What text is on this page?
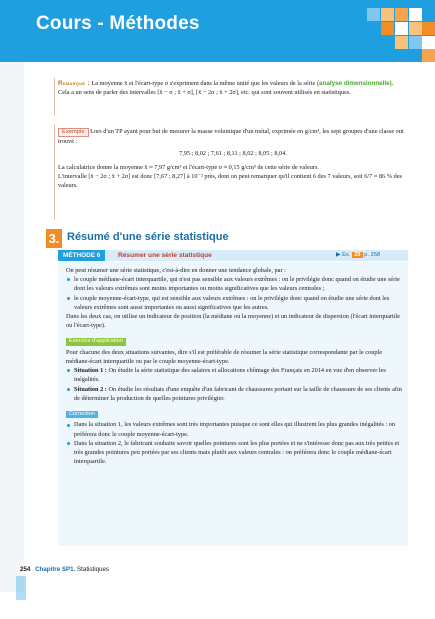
Cours - Méthodes
Remarque : La moyenne x̄ et l'écart-type σ s'expriment dans la même unité que les valeurs de la série (analyse dimensionnelle).
Cela a un sens de parler des intervalles [x̄ − σ ; x̄ + σ], [x̄ − 2σ ; x̄ + 2σ], etc. qui sont souvent utilisés en statistiques.
Exemple Lors d'un TP ayant pour but de mesurer la masse volumique d'un métal, exprimée en g/cm³, les sept groupes d'une classe ont trouvé :
7,95 ; 8,02 ; 7,61 ; 8,11 ; 8,02 ; 8,05 ; 8,04.
La calculatrice donne la moyenne x̄ ≈ 7,97 g/cm³ et l'écart-type σ ≈ 0,15 g/cm³ de cette série de valeurs.
L'intervalle [x̄ − 2σ ; x̄ + 2σ] est donc [7,67 ; 8,27] à 10⁻² près, dont on peut remarquer qu'il contient 6 des 7 valeurs, soit 6/7 ≈ 86 % des valeurs.
3. Résumé d'une série statistique
MÉTHODE 6	Résumer une série statistique	▶ Ex. 29 p. 258
On peut résumer une série statistique, c'est-à-dire en donner une tendance globale, par :
le couple médiane-écart interquartile, qui n'est pas sensible aux valeurs extrêmes : on le privilégie donc quand on étudie une série dont les valeurs extrêmes sont moins importantes ou moins significatives que les valeurs centrales ;
le couple moyenne-écart-type, qui est sensible aux valeurs extrêmes : on le privilégie donc quand on étudie une série dont les valeurs extrêmes sont aussi importantes ou aussi significatives que les autres.
Dans les deux cas, on utilise un indicateur de position (la médiane ou la moyenne) et un indicateur de dispersion (l'écart interquartile ou l'écart-type).
Exercice d'application
Pour chacune des deux situations suivantes, dire s'il est préférable de résumer la série statistique correspondante par le couple médiane-écart interquartile ou par le couple moyenne-écart-type.
Situation 1 : On étudie la série statistique des salaires et allocations chômage des Français en 2014 en vue d'en observer les inégalités.
Situation 2 : On étudie les résultats d'une enquête d'un fabricant de chaussures portant sur la taille de chaussure de ses clients afin de déterminer la production de quelles pointures privilégier.
Correction
Dans la situation 1, les valeurs extrêmes sont très importantes puisque ce sont elles qui illustrent les plus grandes inégalités : on préférera donc le couple moyenne-écart-type.
Dans la situation 2, le fabricant souhaite savoir quelles pointures sont les plus portées et ne s'intéresse donc pas aux très petites et très grandes pointures peu portées par ses clients mais plutôt aux valeurs centrales : on préférera donc le couple médiane-écart interquartile.
254 Chapitre SP1. Statistiques
